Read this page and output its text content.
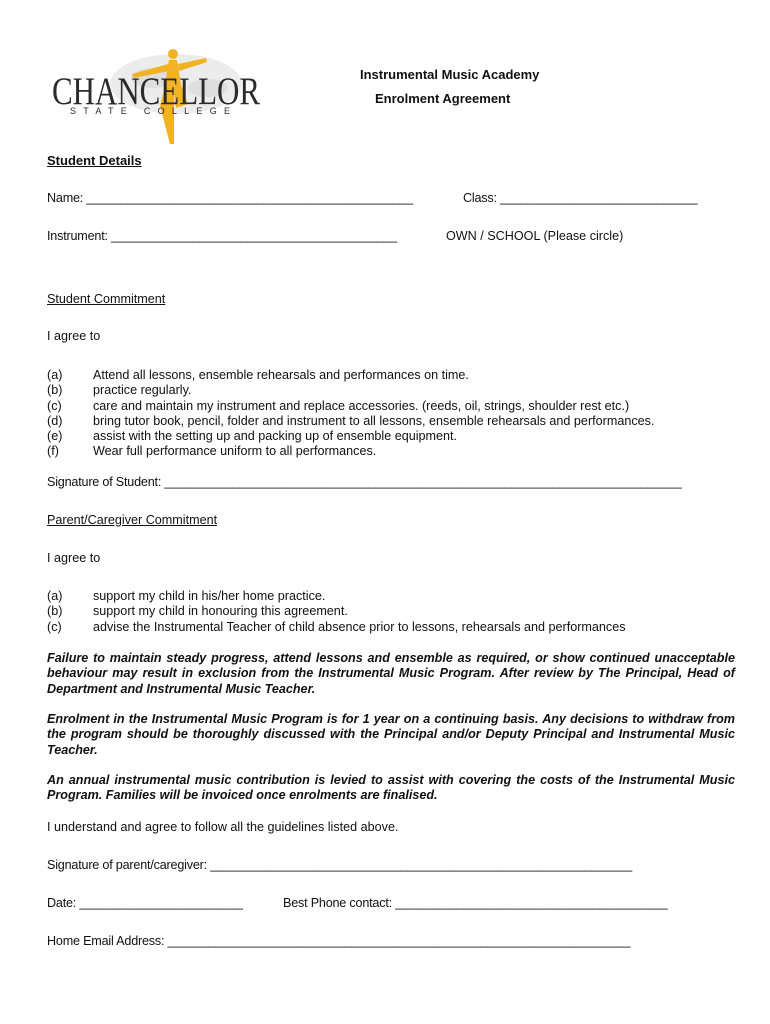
CHANCELLOR
STATE COLLEGE
Instrumental Music Academy
Enrolment Agreement
Student Details
Name: ________________________________________________	Class: _____________________________
Instrument: __________________________________________	OWN / SCHOOL (Please circle)
Student Commitment
I agree to
(a) Attend all lessons, ensemble rehearsals and performances on time.
(b) practice regularly.
(c) care and maintain my instrument and replace accessories. (reeds, oil, strings, shoulder rest etc.)
(d) bring tutor book, pencil, folder and instrument to all lessons, ensemble rehearsals and performances.
(e) assist with the setting up and packing up of ensemble equipment.
(f)	Wear full performance uniform to all performances.
Signature of Student: ____________________________________________________________________________
Parent/Caregiver Commitment
I agree to
(a) support my child in his/her home practice.
(b) support my child in honouring this agreement.
(c) advise the Instrumental Teacher of child absence prior to lessons, rehearsals and performances
Failure to maintain steady progress, attend lessons and ensemble as required, or show continued unacceptable behaviour may result in exclusion from the Instrumental Music Program. After review by The Principal, Head of Department and Instrumental Music Teacher.
Enrolment in the Instrumental Music Program is for 1 year on a continuing basis. Any decisions to withdraw from the program should be thoroughly discussed with the Principal and/or Deputy Principal and Instrumental Music Teacher.
An annual instrumental music contribution is levied to assist with covering the costs of the Instrumental Music Program. Families will be invoiced once enrolments are finalised.
I understand and agree to follow all the guidelines listed above.
Signature of parent/caregiver: ______________________________________________________________
Date: ________________________	Best Phone contact: ________________________________________
Home Email Address: ____________________________________________________________________
